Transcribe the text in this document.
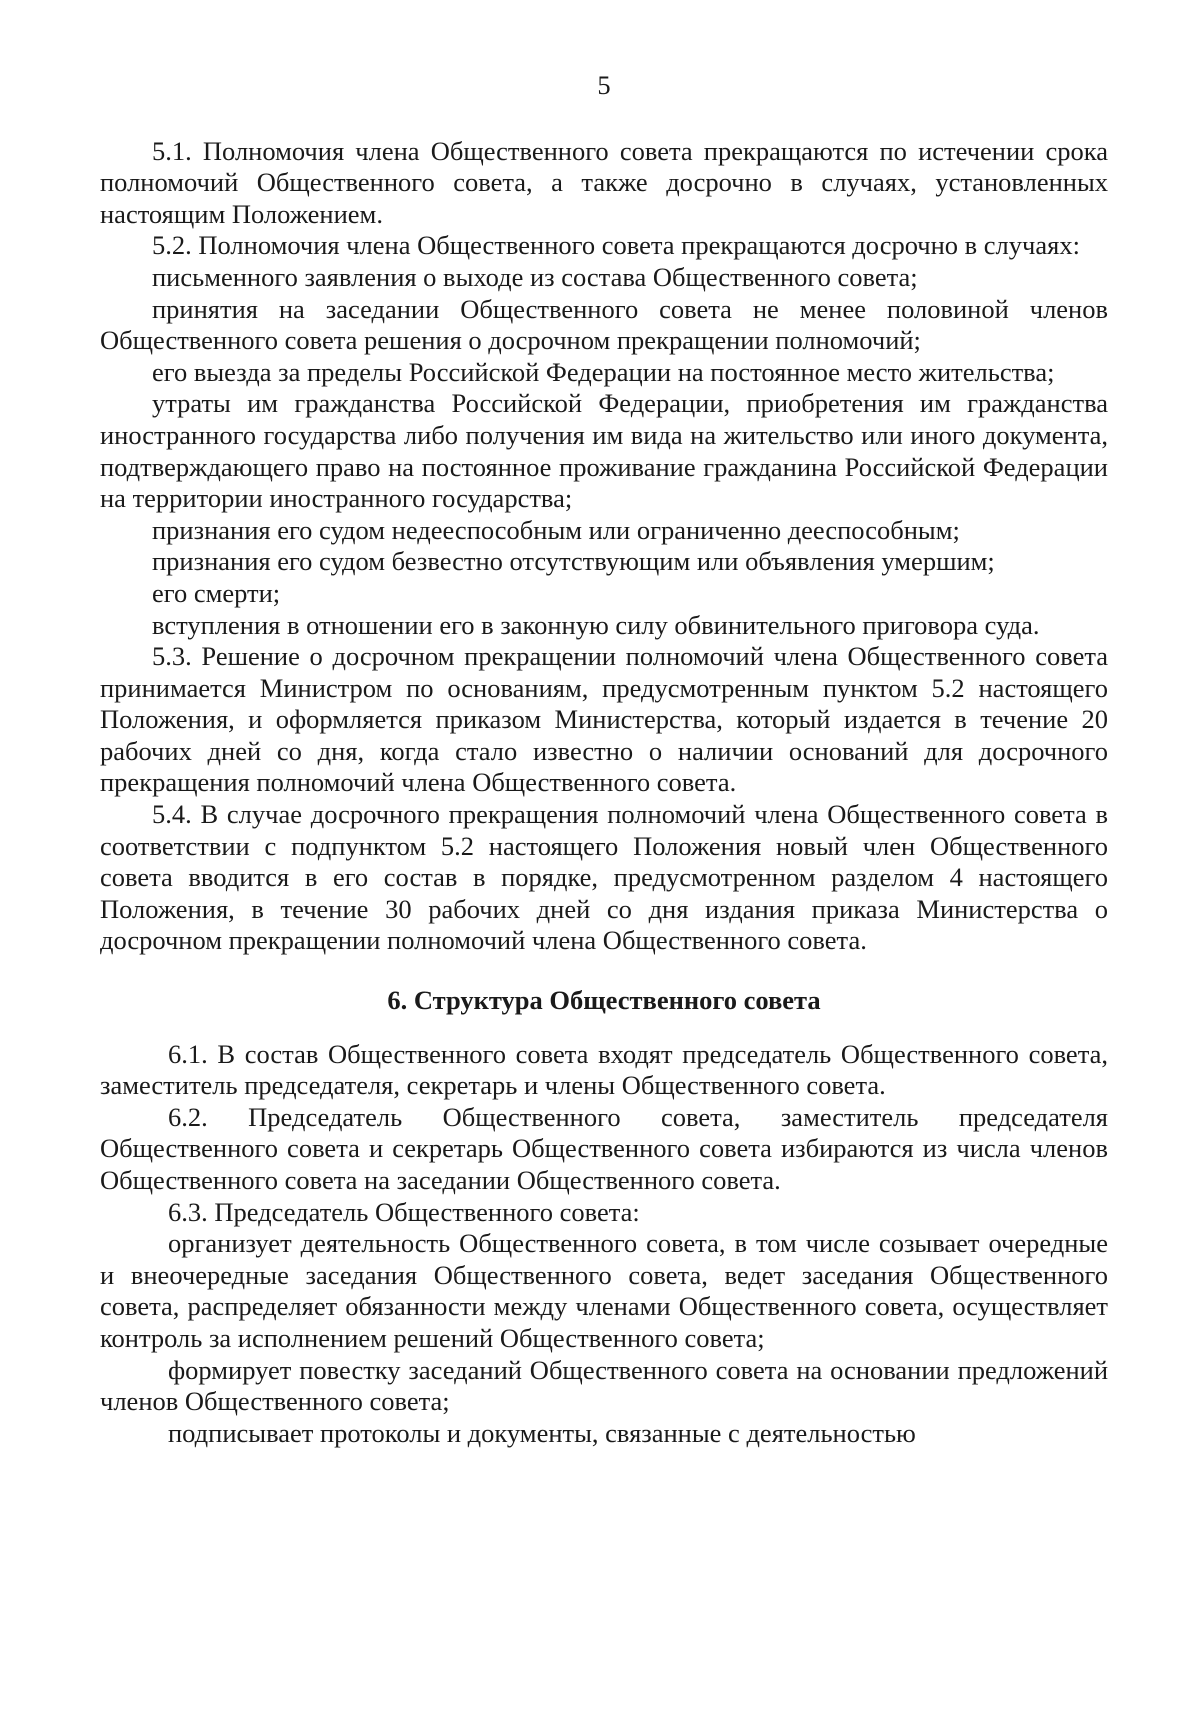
5

5.1. Полномочия члена Общественного совета прекращаются по истечении срока полномочий Общественного совета, а также досрочно в случаях, установленных настоящим Положением.

5.2. Полномочия члена Общественного совета прекращаются досрочно в случаях:

письменного заявления о выходе из состава Общественного совета;

принятия на заседании Общественного совета не менее половиной членов Общественного совета решения о досрочном прекращении полномочий;

его выезда за пределы Российской Федерации на постоянное место жительства;

утраты им гражданства Российской Федерации, приобретения им гражданства иностранного государства либо получения им вида на жительство или иного документа, подтверждающего право на постоянное проживание гражданина Российской Федерации на территории иностранного государства;

признания его судом недееспособным или ограниченно дееспособным;

признания его судом безвестно отсутствующим или объявления умершим;

его смерти;

вступления в отношении его в законную силу обвинительного приговора суда.

5.3. Решение о досрочном прекращении полномочий члена Общественного совета принимается Министром по основаниям, предусмотренным пунктом 5.2 настоящего Положения, и оформляется приказом Министерства, который издается в течение 20 рабочих дней со дня, когда стало известно о наличии оснований для досрочного прекращения полномочий члена Общественного совета.

5.4. В случае досрочного прекращения полномочий члена Общественного совета в соответствии с подпунктом 5.2 настоящего Положения новый член Общественного совета вводится в его состав в порядке, предусмотренном разделом 4 настоящего Положения, в течение 30 рабочих дней со дня издания приказа Министерства о досрочном прекращении полномочий члена Общественного совета.

6. Структура Общественного совета

6.1. В состав Общественного совета входят председатель Общественного совета, заместитель председателя, секретарь и члены Общественного совета.

6.2. Председатель Общественного совета, заместитель председателя Общественного совета и секретарь Общественного совета избираются из числа членов Общественного совета на заседании Общественного совета.

6.3. Председатель Общественного совета:

организует деятельность Общественного совета, в том числе созывает очередные и внеочередные заседания Общественного совета, ведет заседания Общественного совета, распределяет обязанности между членами Общественного совета, осуществляет контроль за исполнением решений Общественного совета;

формирует повестку заседаний Общественного совета на основании предложений членов Общественного совета;

подписывает протоколы и документы, связанные с деятельностью
